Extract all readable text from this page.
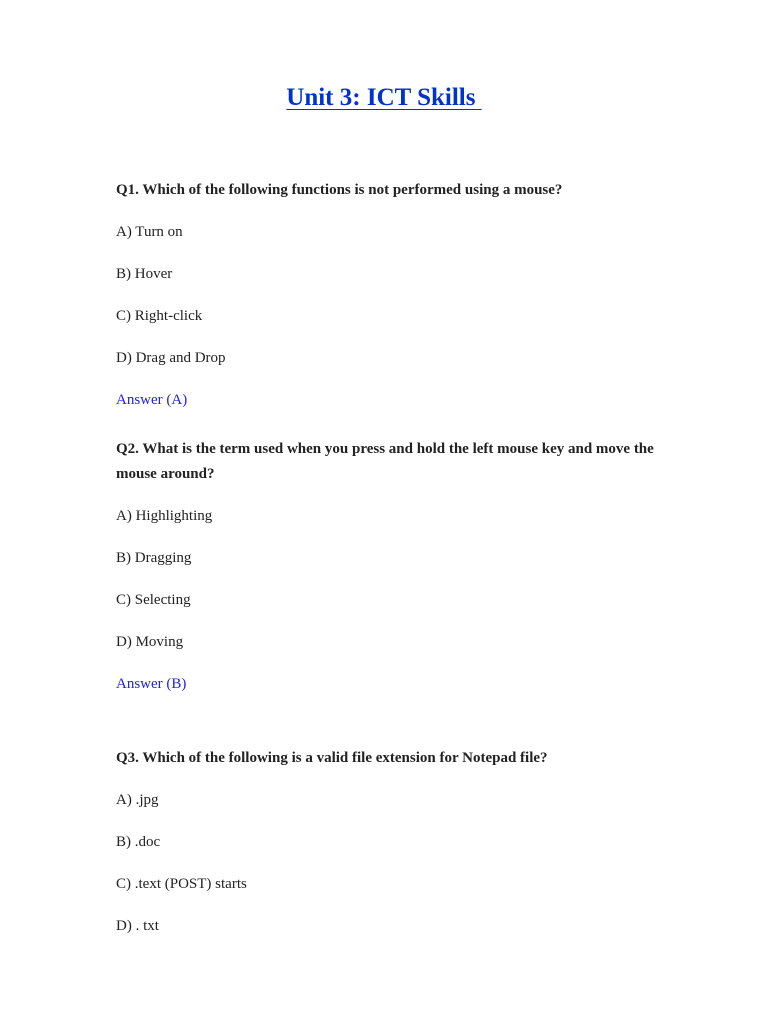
Unit 3: ICT Skills

Q1. Which of the following functions is not performed using a mouse?

A) Turn on

B) Hover

C) Right-click

D) Drag and Drop

Answer (A)

Q2. What is the term used when you press and hold the left mouse key and move the mouse around?

A) Highlighting

B) Dragging

C) Selecting

D) Moving

Answer (B)

Q3. Which of the following is a valid file extension for Notepad file?

A) .jpg

B) .doc

C) .text (POST) starts

D) . txt
